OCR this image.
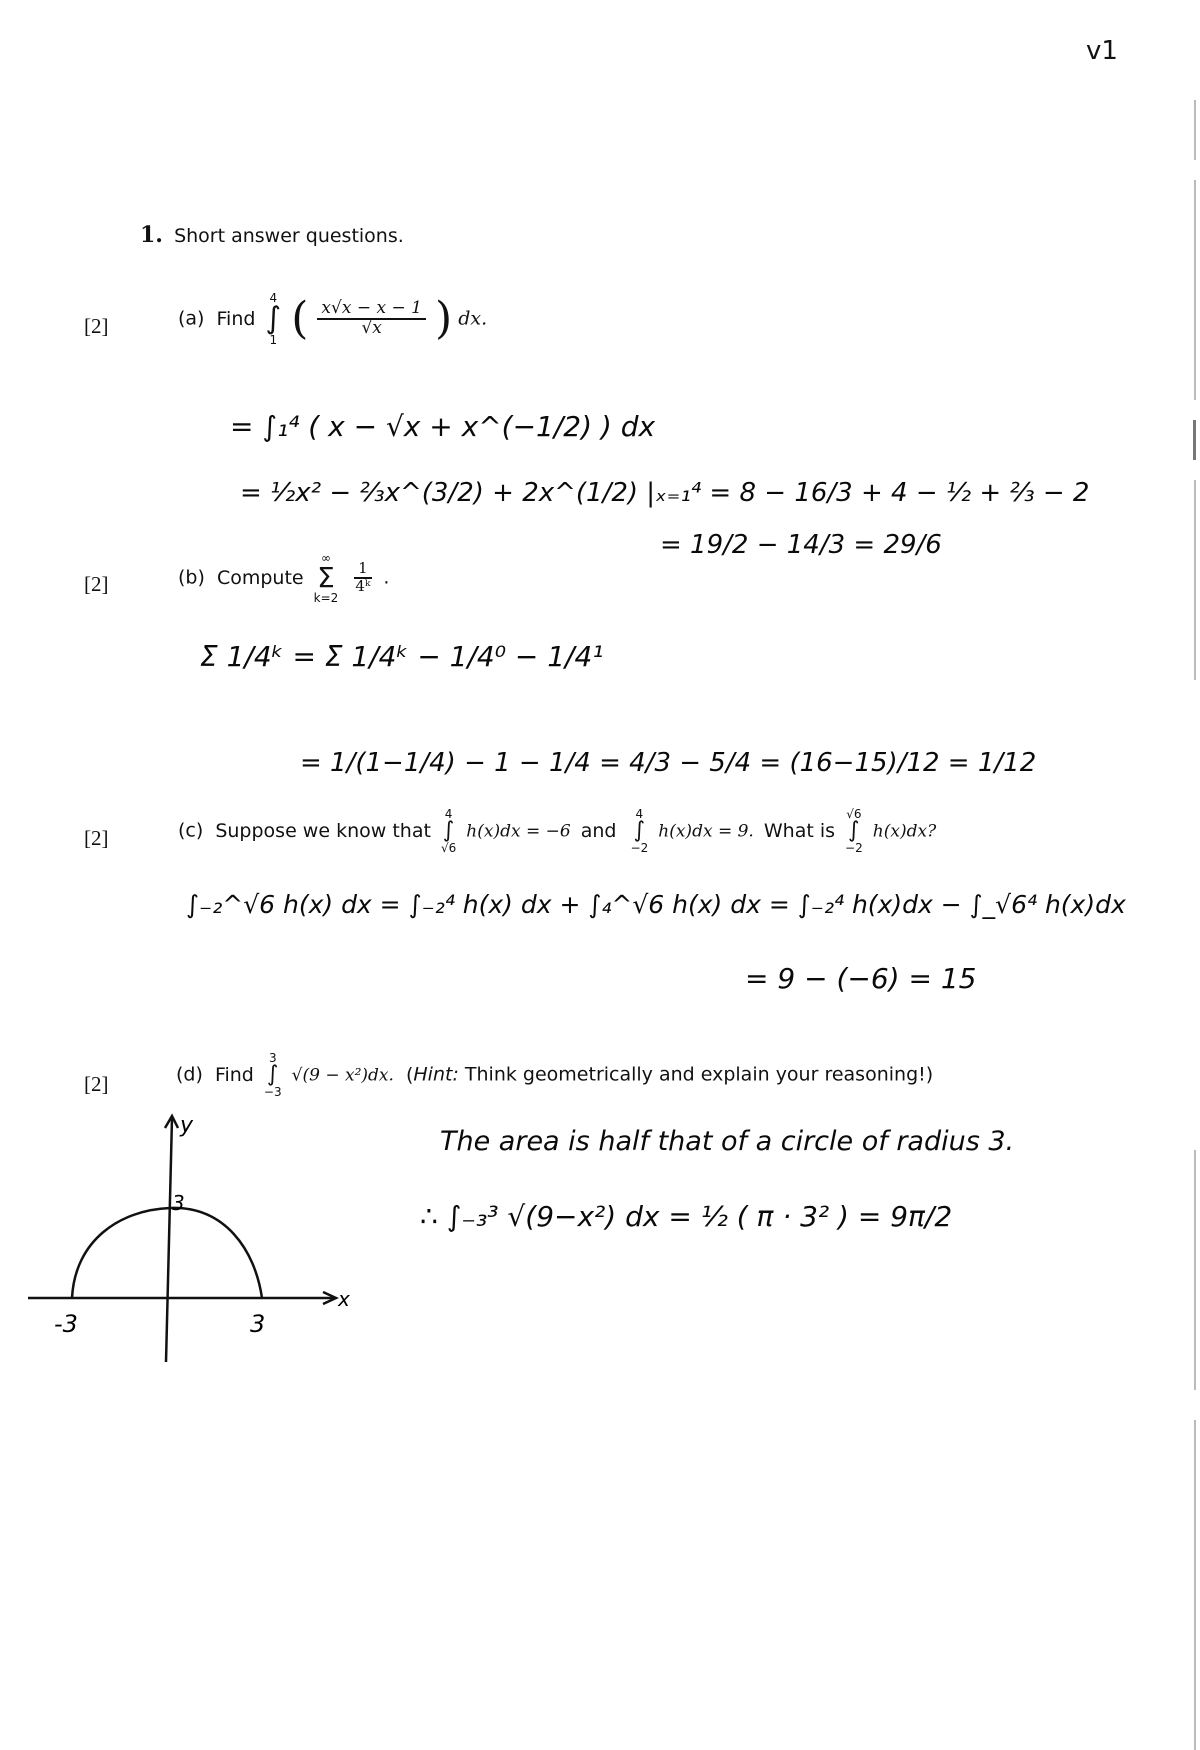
v1
1. Short answer questions.
[2]	(a) Find
4
∫
1 ( $\frac{x√x - x - 1}{√x}$ ) dx.
= ∫₁⁴ ( x − √x + x^(−1/2) ) dx
= ½x² − ⅔x^(3/2) + 2x^(1/2) |ₓ₌₁⁴ = 8 − 16/3 + 4 − ½ + ⅔ − 2
= 19/2 − 14/3 = 29/6
[2]	(b) Compute
∞
Σ
k=2

$\frac{1}{\text{4ᵏ}}$ .
Σ 1/4ᵏ = Σ 1/4ᵏ − 1/4⁰ − 1/4¹
= 1/(1−1/4) − 1 − 1/4 = 4/3 − 5/4 = (16−15)/12 = 1/12
[2]	(c) Suppose we know that
4
∫
√6
h(x)dx = −6 and
4
∫
−2
h(x)dx = 9. What is
√6
∫
−2
h(x)dx?
∫₋₂^√6 h(x) dx = ∫₋₂⁴ h(x) dx + ∫₄^√6 h(x) dx = ∫₋₂⁴ h(x)dx − ∫_√6⁴ h(x)dx
= 9 − (−6) = 15
[2]	(d) Find
3
∫
−3
√(9 − x²)dx. (Hint: Think geometrically and explain your reasoning!)
The area is half that of a circle of radius 3.
∴ ∫₋₃³ √(9−x²) dx = ½ ( π · 3² ) = 9π/2
y
x
-3	3
3
